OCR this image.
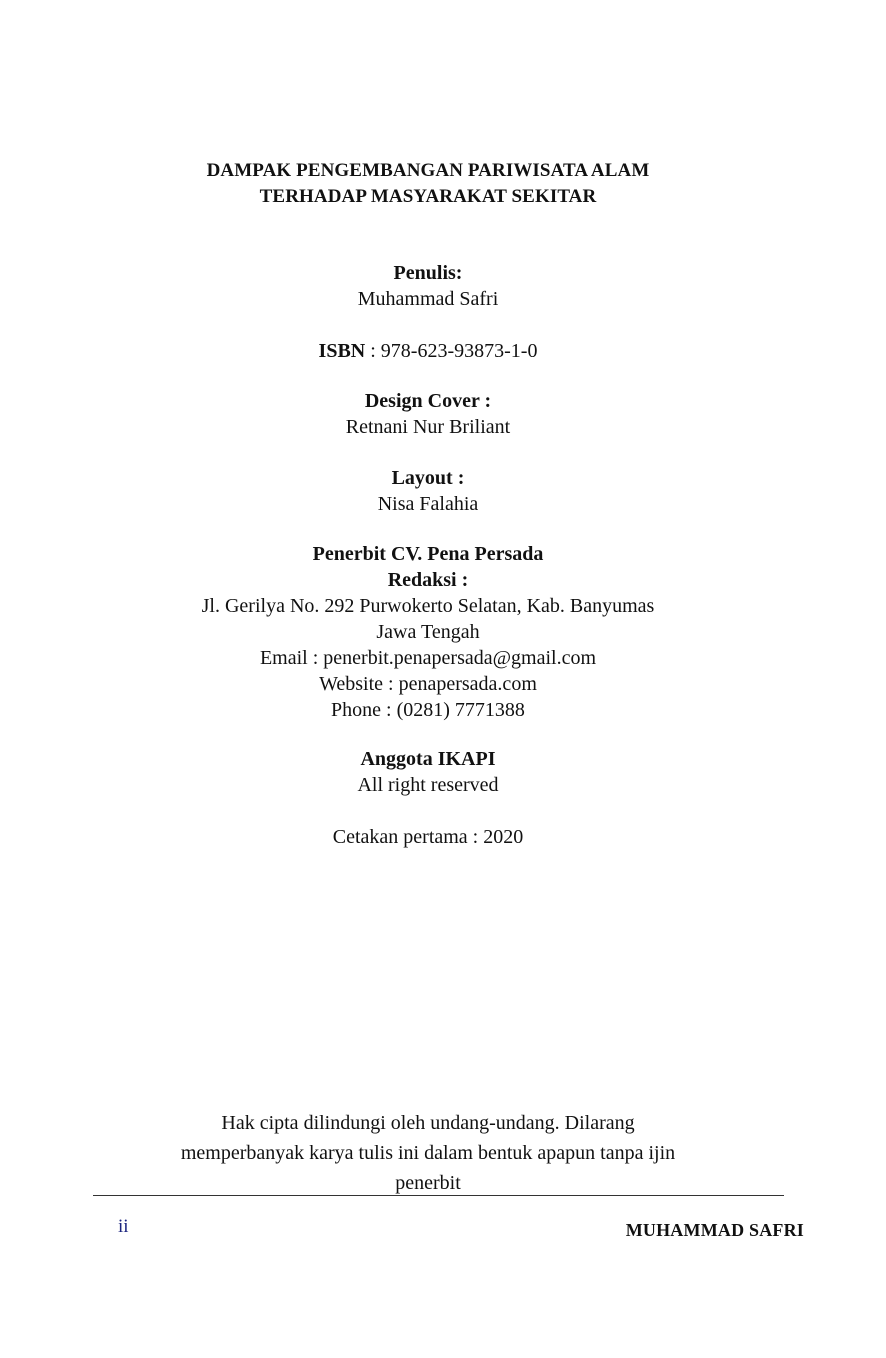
DAMPAK PENGEMBANGAN PARIWISATA ALAM
TERHADAP MASYARAKAT SEKITAR
Penulis:
Muhammad Safri
ISBN : 978-623-93873-1-0
Design Cover :
Retnani Nur Briliant
Layout :
Nisa Falahia
Penerbit CV. Pena Persada
Redaksi :
Jl. Gerilya No. 292 Purwokerto Selatan, Kab. Banyumas
Jawa Tengah
Email : penerbit.penapersada@gmail.com
Website : penapersada.com
Phone : (0281) 7771388
Anggota IKAPI
All right reserved
Cetakan pertama : 2020
Hak cipta dilindungi oleh undang-undang. Dilarang
memperbanyak karya tulis ini dalam bentuk apapun tanpa ijin
penerbit
ii	MUHAMMAD SAFRI
